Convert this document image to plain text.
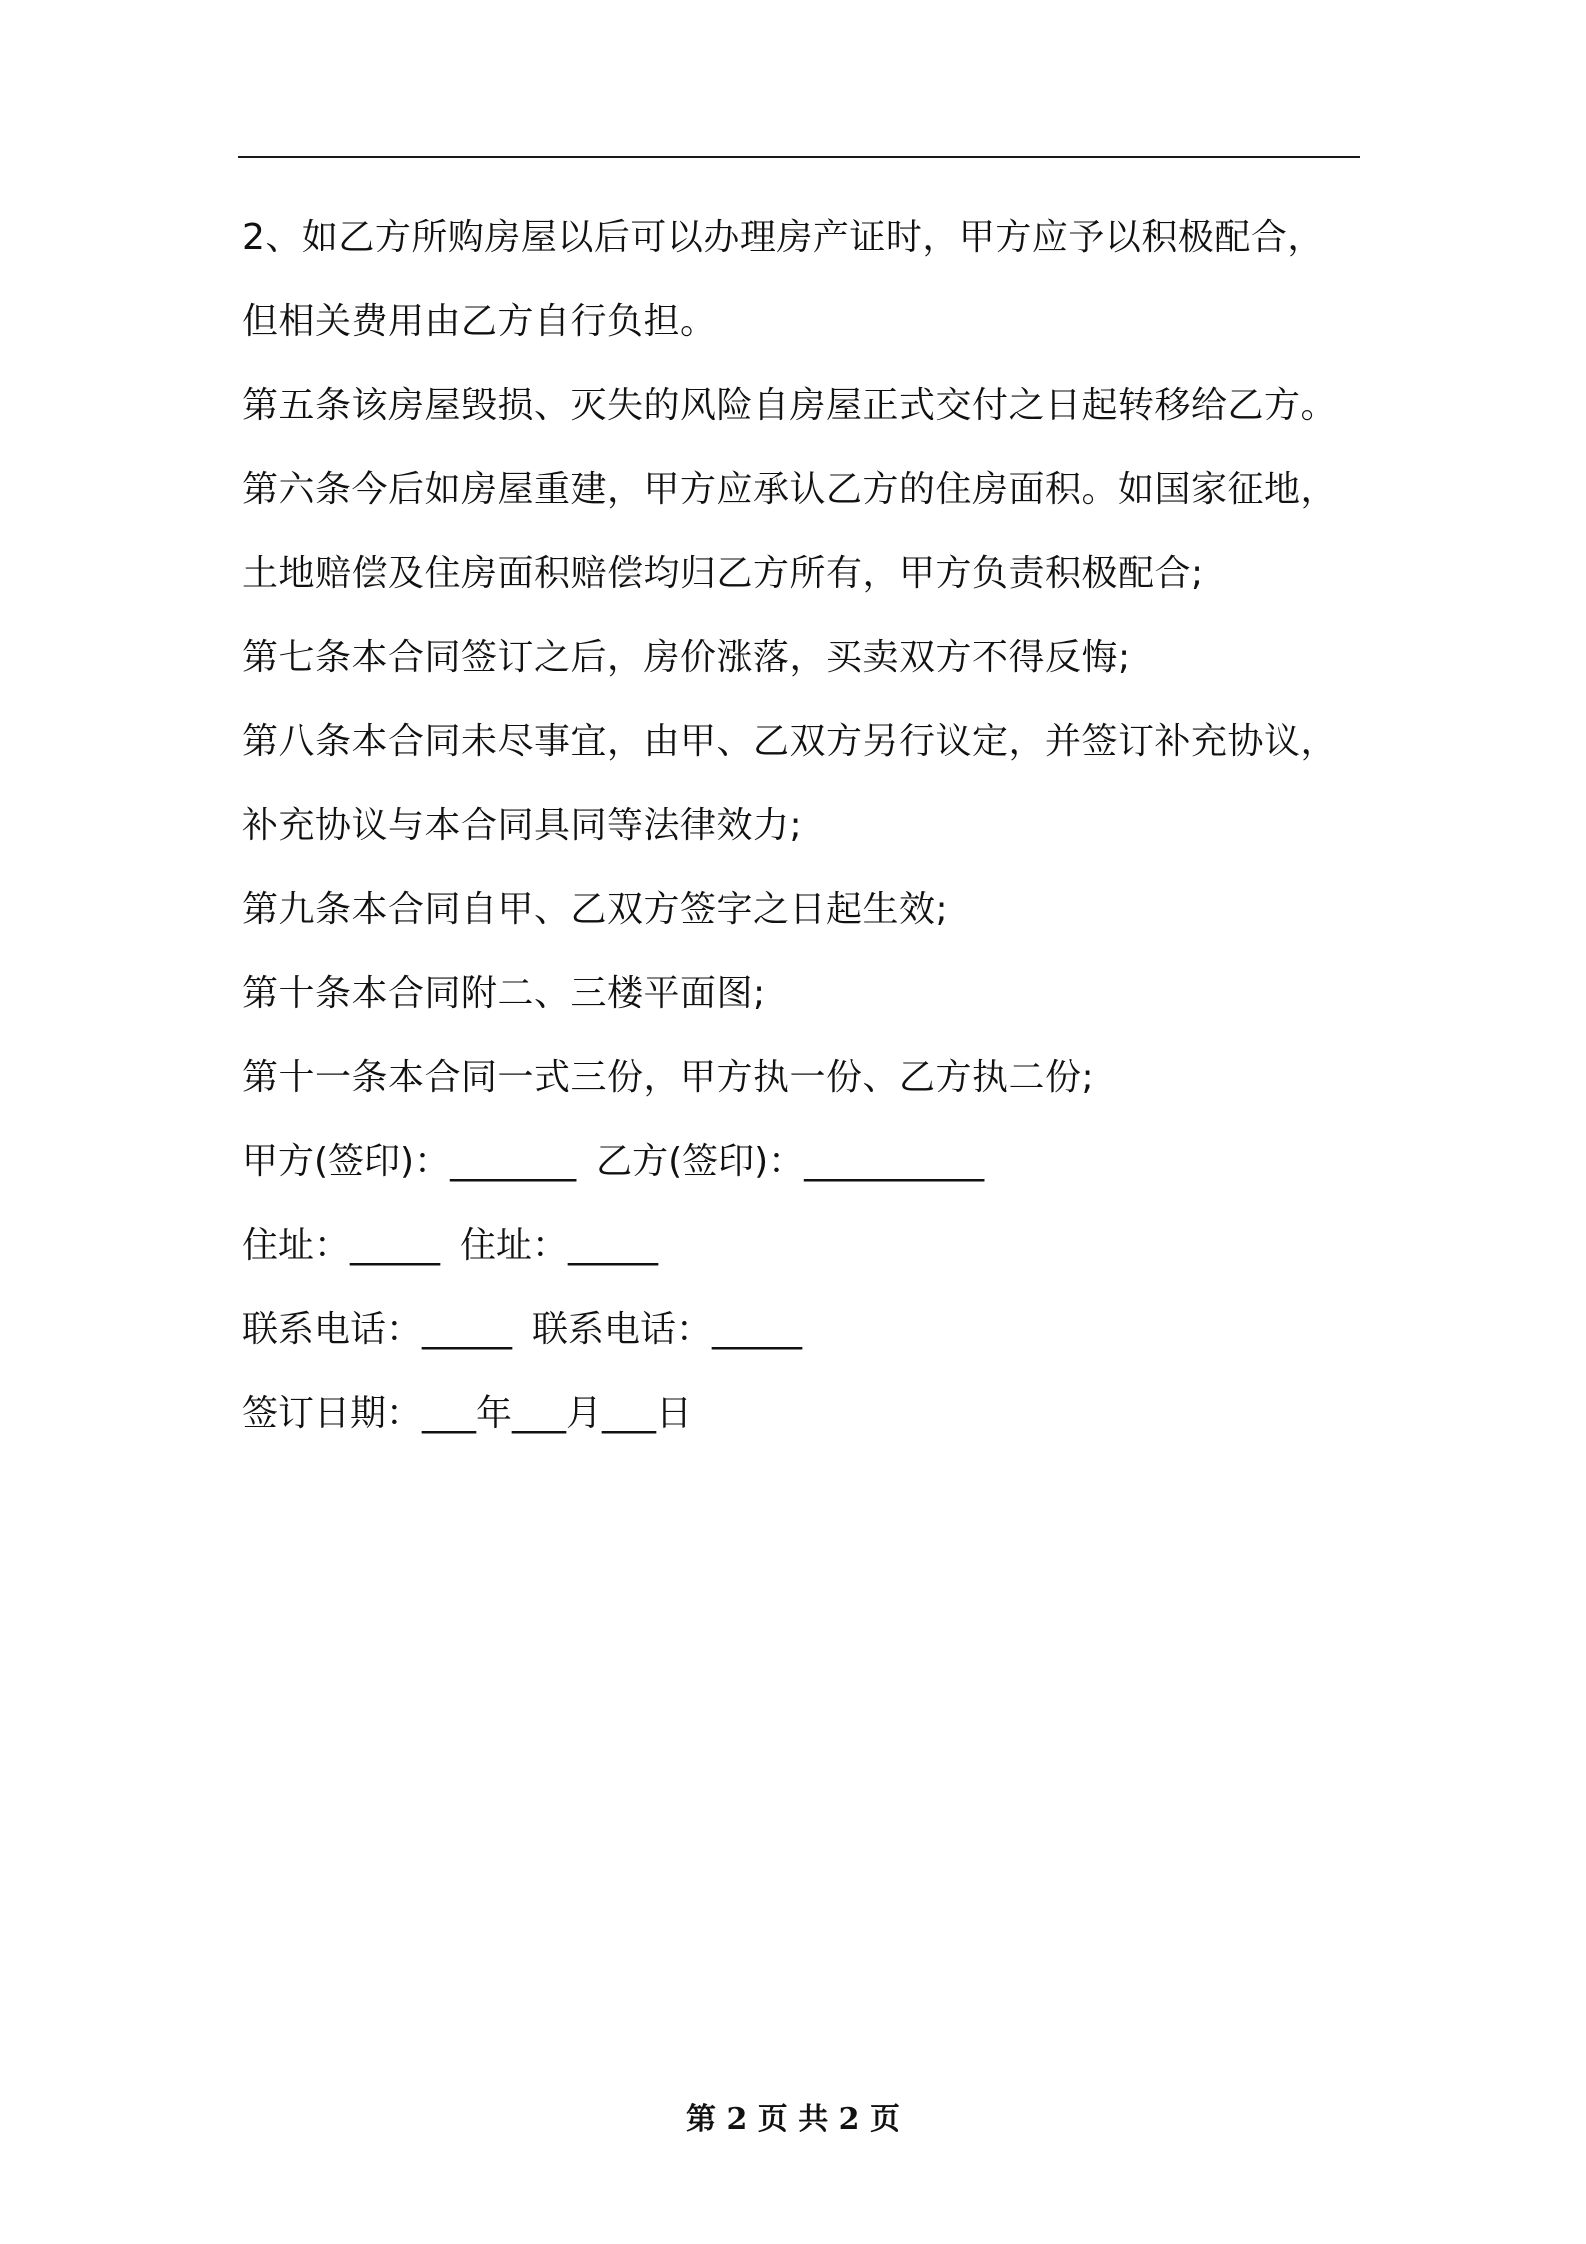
2、如乙方所购房屋以后可以办理房产证时，甲方应予以积极配合，
但相关费用由乙方自行负担。
第五条该房屋毁损、灭失的风险自房屋正式交付之日起转移给乙方。
第六条今后如房屋重建，甲方应承认乙方的住房面积。如国家征地，
土地赔偿及住房面积赔偿均归乙方所有，甲方负责积极配合;
第七条本合同签订之后，房价涨落，买卖双方不得反悔;
第八条本合同未尽事宜，由甲、乙双方另行议定，并签订补充协议，
补充协议与本合同具同等法律效力;
第九条本合同自甲、乙双方签字之日起生效;
第十条本合同附二、三楼平面图;
第十一条本合同一式三份，甲方执一份、乙方执二份;
甲方(签印)：_______ 乙方(签印)：__________
住址：_____ 住址：_____
联系电话：_____ 联系电话：_____
签订日期：___年___月___日
第 2 页 共 2 页
